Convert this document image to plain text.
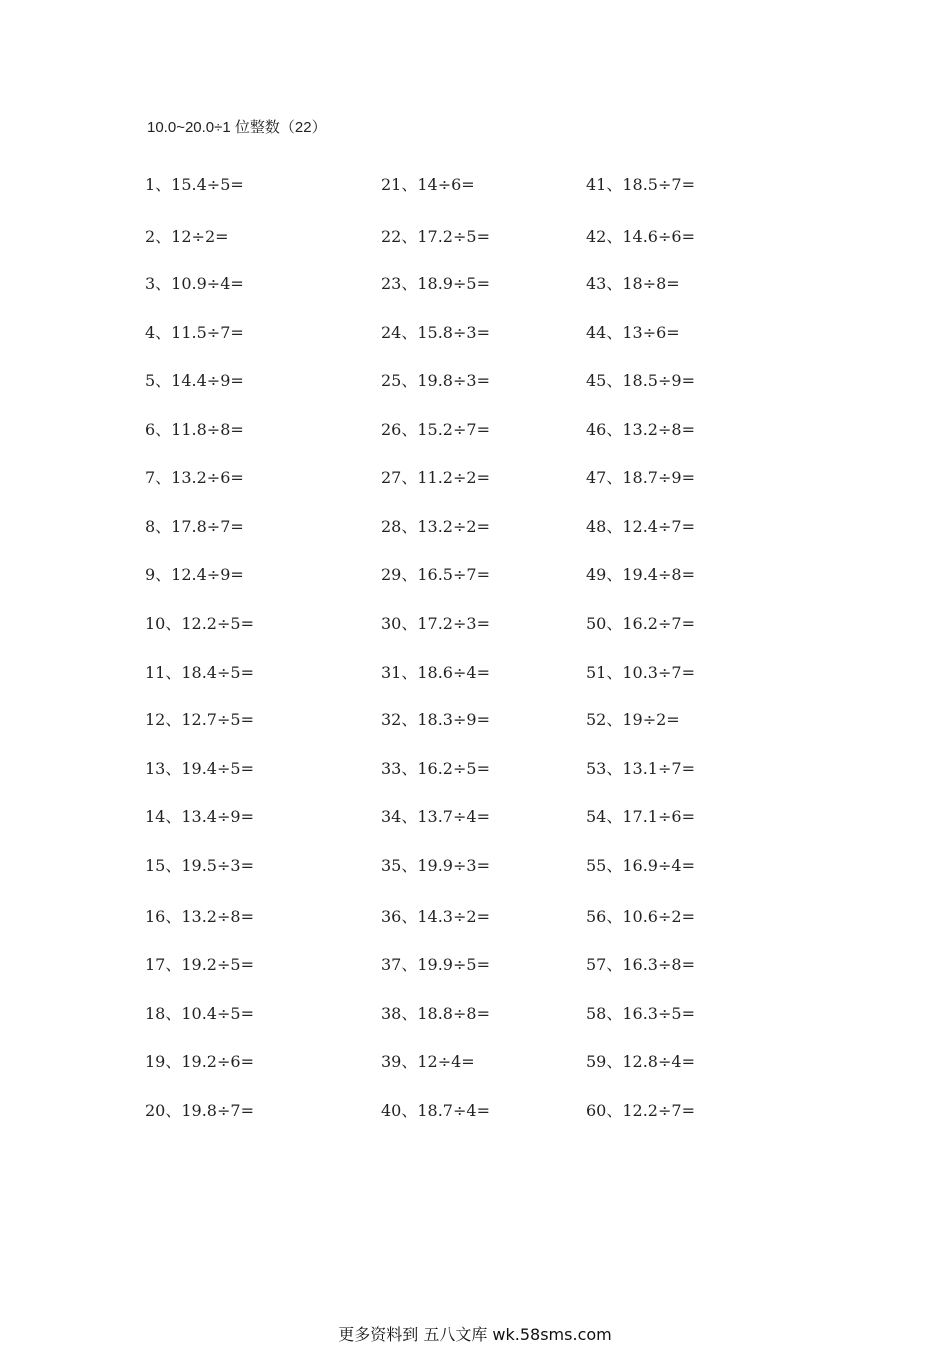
10.0~20.0÷1 位整数（22）
1、15.4÷5=
2、12÷2=
3、10.9÷4=
4、11.5÷7=
5、14.4÷9=
6、11.8÷8=
7、13.2÷6=
8、17.8÷7=
9、12.4÷9=
10、12.2÷5=
11、18.4÷5=
12、12.7÷5=
13、19.4÷5=
14、13.4÷9=
15、19.5÷3=
16、13.2÷8=
17、19.2÷5=
18、10.4÷5=
19、19.2÷6=
20、19.8÷7=
21、14÷6=
22、17.2÷5=
23、18.9÷5=
24、15.8÷3=
25、19.8÷3=
26、15.2÷7=
27、11.2÷2=
28、13.2÷2=
29、16.5÷7=
30、17.2÷3=
31、18.6÷4=
32、18.3÷9=
33、16.2÷5=
34、13.7÷4=
35、19.9÷3=
36、14.3÷2=
37、19.9÷5=
38、18.8÷8=
39、12÷4=
40、18.7÷4=
41、18.5÷7=
42、14.6÷6=
43、18÷8=
44、13÷6=
45、18.5÷9=
46、13.2÷8=
47、18.7÷9=
48、12.4÷7=
49、19.4÷8=
50、16.2÷7=
51、10.3÷7=
52、19÷2=
53、13.1÷7=
54、17.1÷6=
55、16.9÷4=
56、10.6÷2=
57、16.3÷8=
58、16.3÷5=
59、12.8÷4=
60、12.2÷7=
更多资料到 五八文库 wk.58sms.com
